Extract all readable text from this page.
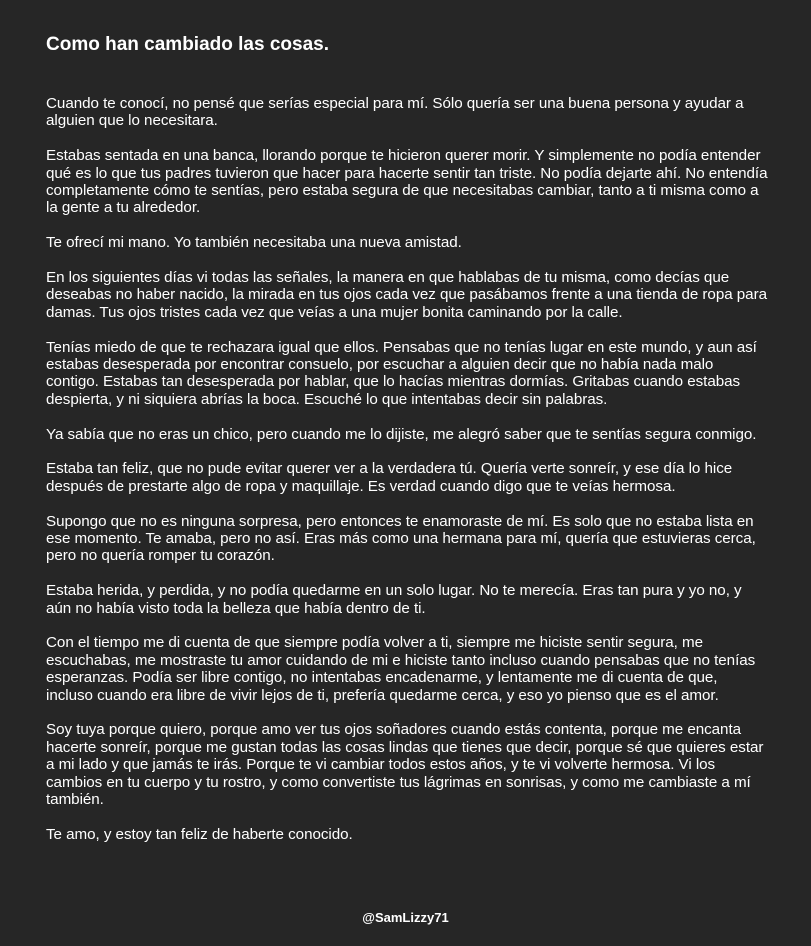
Como han cambiado las cosas.

Cuando te conocí, no pensé que serías especial para mí. Sólo quería ser una buena persona y ayudar a alguien que lo necesitara.

Estabas sentada en una banca, llorando porque te hicieron querer morir. Y simplemente no podía entender qué es lo que tus padres tuvieron que hacer para hacerte sentir tan triste. No podía dejarte ahí. No entendía completamente cómo te sentías, pero estaba segura de que necesitabas cambiar, tanto a ti misma como a la gente a tu alrededor.

Te ofrecí mi mano. Yo también necesitaba una nueva amistad.

En los siguientes días vi todas las señales, la manera en que hablabas de tu misma, como decías que deseabas no haber nacido, la mirada en tus ojos cada vez que pasábamos frente a una tienda de ropa para damas. Tus ojos tristes cada vez que veías a una mujer bonita caminando por la calle.

Tenías miedo de que te rechazara igual que ellos. Pensabas que no tenías lugar en este mundo, y aun así estabas desesperada por encontrar consuelo, por escuchar a alguien decir que no había nada malo contigo. Estabas tan desesperada por hablar, que lo hacías mientras dormías. Gritabas cuando estabas despierta, y ni siquiera abrías la boca. Escuché lo que intentabas decir sin palabras.

Ya sabía que no eras un chico, pero cuando me lo dijiste, me alegró saber que te sentías segura conmigo.

Estaba tan feliz, que no pude evitar querer ver a la verdadera tú. Quería verte sonreír, y ese día lo hice después de prestarte algo de ropa y maquillaje. Es verdad cuando digo que te veías hermosa.

Supongo que no es ninguna sorpresa, pero entonces te enamoraste de mí. Es solo que no estaba lista en ese momento. Te amaba, pero no así. Eras más como una hermana para mí, quería que estuvieras cerca, pero no quería romper tu corazón.

Estaba herida, y perdida, y no podía quedarme en un solo lugar. No te merecía. Eras tan pura y yo no, y aún no había visto toda la belleza que había dentro de ti.

Con el tiempo me di cuenta de que siempre podía volver a ti, siempre me hiciste sentir segura, me escuchabas, me mostraste tu amor cuidando de mi e hiciste tanto incluso cuando pensabas que no tenías esperanzas. Podía ser libre contigo, no intentabas encadenarme, y lentamente me di cuenta de que, incluso cuando era libre de vivir lejos de ti, prefería quedarme cerca, y eso yo pienso que es el amor.

Soy tuya porque quiero, porque amo ver tus ojos soñadores cuando estás contenta, porque me encanta hacerte sonreír, porque me gustan todas las cosas lindas que tienes que decir, porque sé que quieres estar a mi lado y que jamás te irás. Porque te vi cambiar todos estos años, y te vi volverte hermosa. Vi los cambios en tu cuerpo y tu rostro, y como convertiste tus lágrimas en sonrisas, y como me cambiaste a mí también.

Te amo, y estoy tan feliz de haberte conocido.

@SamLizzy71
